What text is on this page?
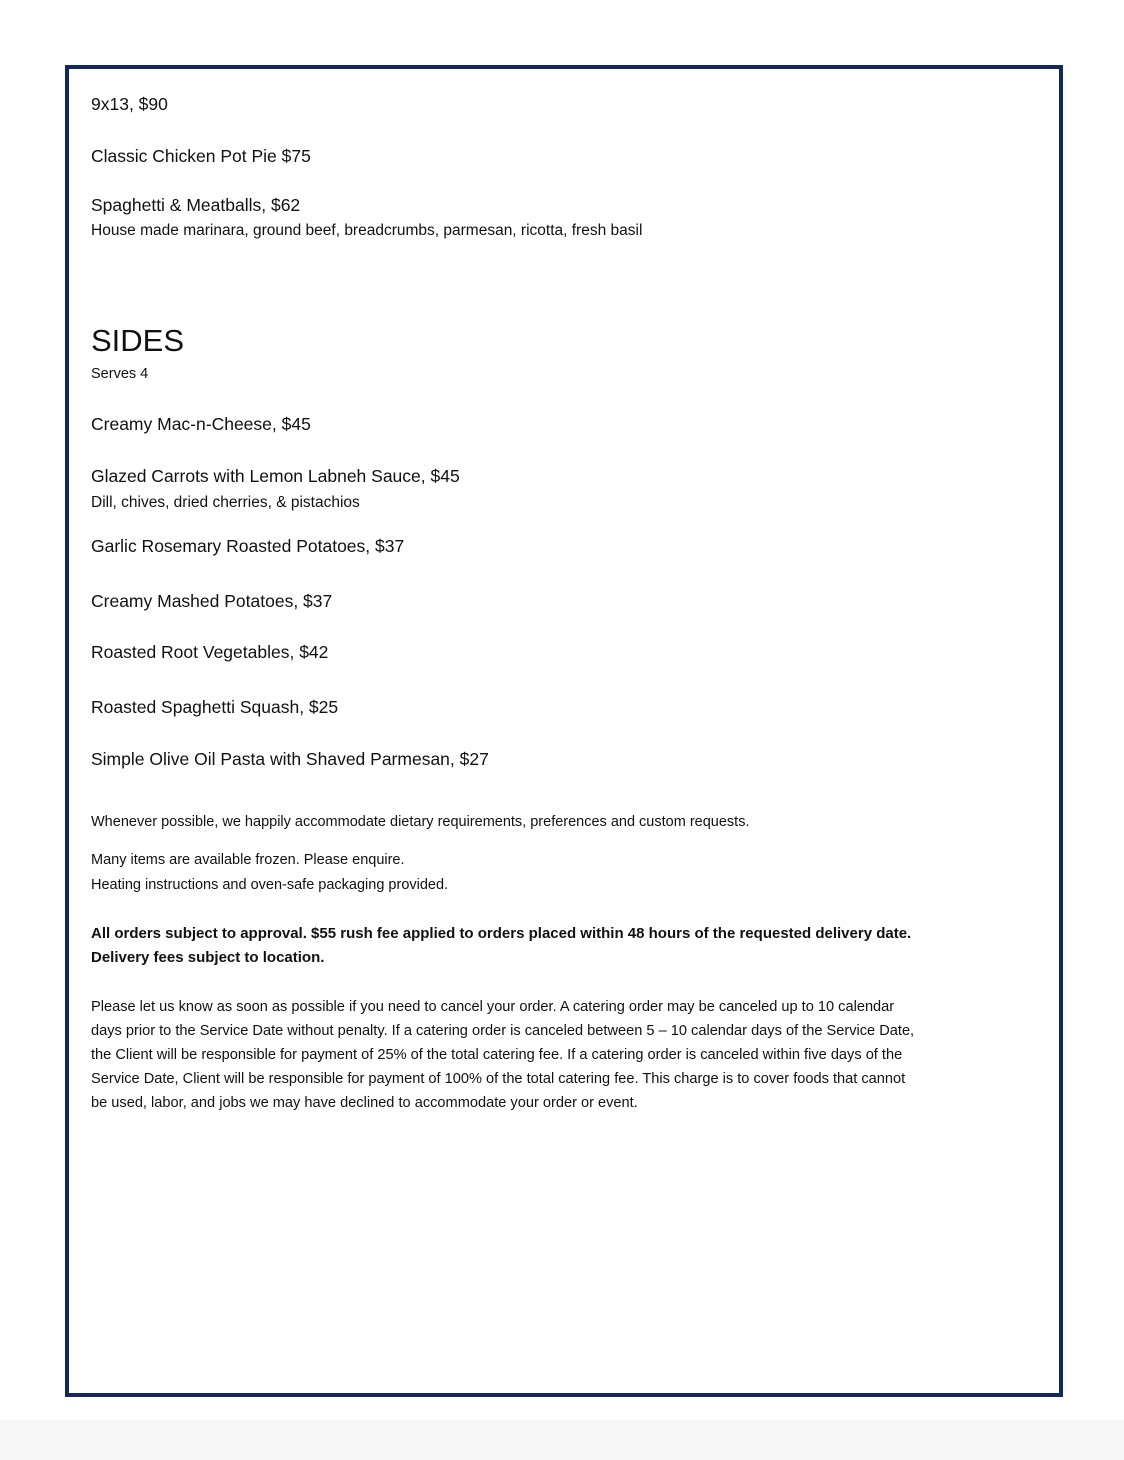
9x13, $90
Classic Chicken Pot Pie $75
Spaghetti & Meatballs, $62
House made marinara, ground beef, breadcrumbs, parmesan, ricotta, fresh basil
SIDES
Serves 4
Creamy Mac-n-Cheese, $45
Glazed Carrots with Lemon Labneh Sauce, $45
Dill, chives, dried cherries, & pistachios
Garlic Rosemary Roasted Potatoes, $37
Creamy Mashed Potatoes, $37
Roasted Root Vegetables, $42
Roasted Spaghetti Squash, $25
Simple Olive Oil Pasta with Shaved Parmesan, $27
Whenever possible, we happily accommodate dietary requirements, preferences and custom requests.
Many items are available frozen. Please enquire.
Heating instructions and oven-safe packaging provided.
All orders subject to approval. $55 rush fee applied to orders placed within 48 hours of the requested delivery date.
Delivery fees subject to location.
Please let us know as soon as possible if you need to cancel your order. A catering order may be canceled up to 10 calendar
days prior to the Service Date without penalty. If a catering order is canceled between 5 – 10 calendar days of the Service Date,
the Client will be responsible for payment of 25% of the total catering fee. If a catering order is canceled within five days of the
Service Date, Client will be responsible for payment of 100% of the total catering fee. This charge is to cover foods that cannot
be used, labor, and jobs we may have declined to accommodate your order or event.
